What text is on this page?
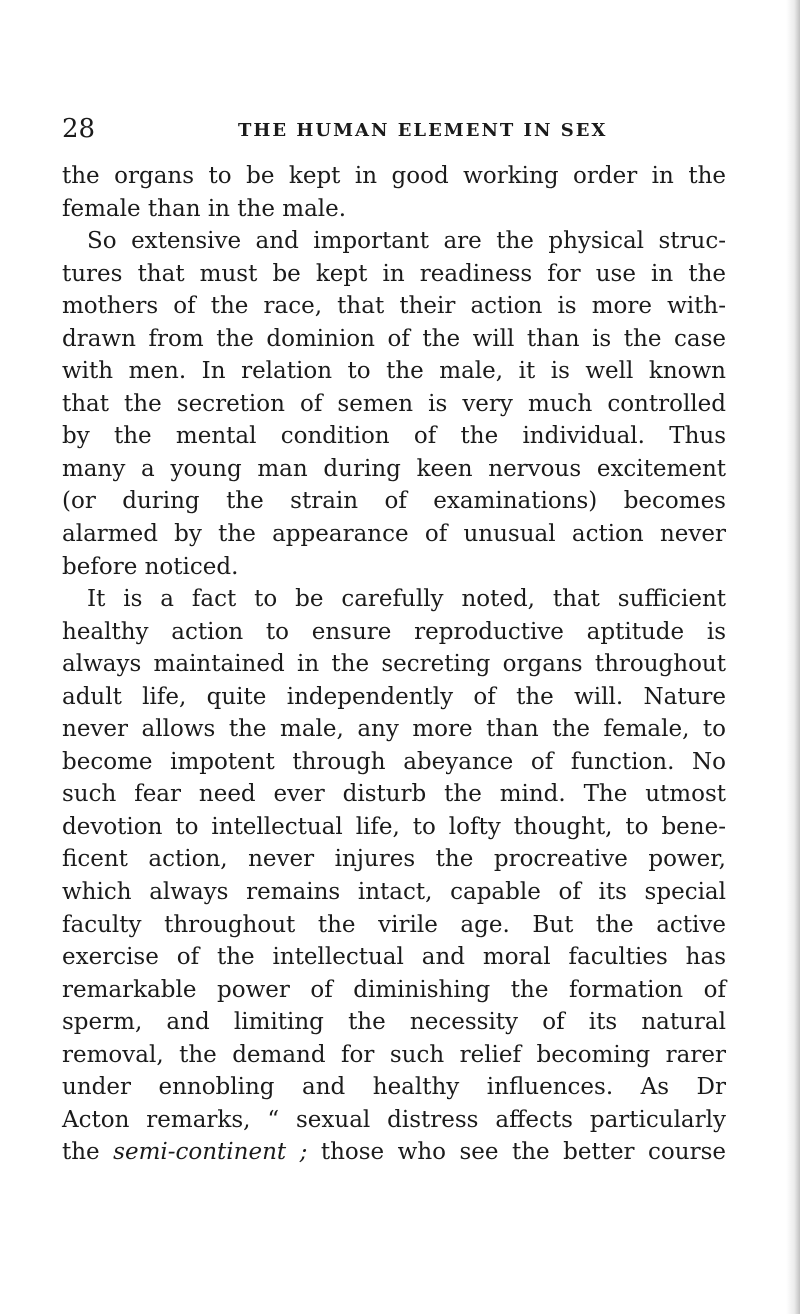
28	THE HUMAN ELEMENT IN SEX
the organs to be kept in good working order in the
female than in the male.
So extensive and important are the physical struc-
tures that must be kept in readiness for use in the
mothers of the race, that their action is more with-
drawn from the dominion of the will than is the case
with men. In relation to the male, it is well known
that the secretion of semen is very much controlled
by the mental condition of the individual. Thus
many a young man during keen nervous excitement
(or during the strain of examinations) becomes
alarmed by the appearance of unusual action never
before noticed.
It is a fact to be carefully noted, that sufficient
healthy action to ensure reproductive aptitude is
always maintained in the secreting organs throughout
adult life, quite independently of the will. Nature
never allows the male, any more than the female, to
become impotent through abeyance of function. No
such fear need ever disturb the mind. The utmost
devotion to intellectual life, to lofty thought, to bene-
ficent action, never injures the procreative power,
which always remains intact, capable of its special
faculty throughout the virile age. But the active
exercise of the intellectual and moral faculties has
remarkable power of diminishing the formation of
sperm, and limiting the necessity of its natural
removal, the demand for such relief becoming rarer
under ennobling and healthy influences. As Dr
Acton remarks, “ sexual distress affects particularly
the semi-continent ; those who see the better course
